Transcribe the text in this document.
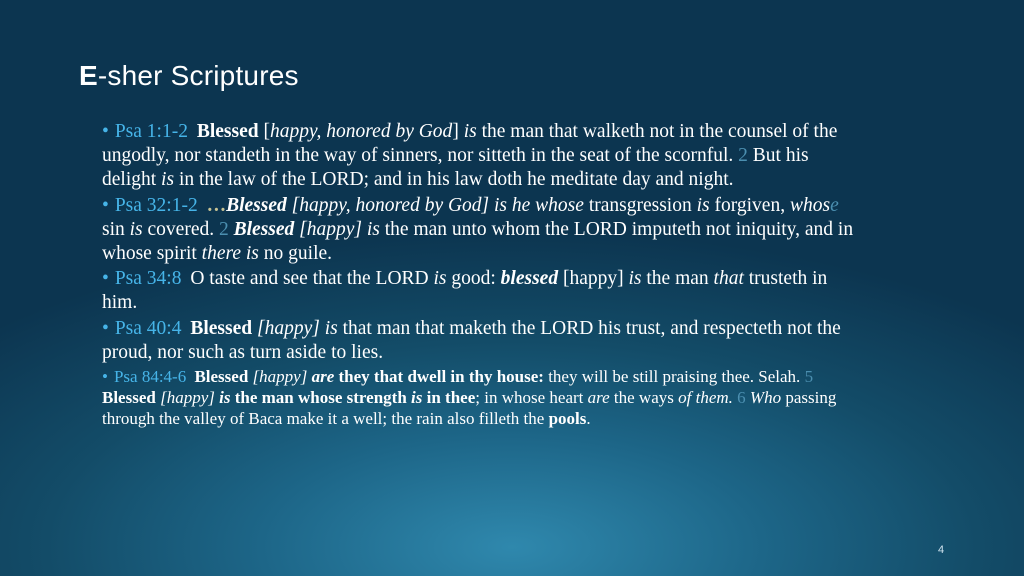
E-sher Scriptures

• Psa 1:1-2 Blessed [happy, honored by God] is the man that walketh not in the counsel of the ungodly, nor standeth in the way of sinners, nor sitteth in the seat of the scornful. 2 But his delight is in the law of the LORD; and in his law doth he meditate day and night.

• Psa 32:1-2 …Blessed [happy, honored by God] is he whose transgression is forgiven, whose sin is covered. 2 Blessed [happy] is the man unto whom the LORD imputeth not iniquity, and in whose spirit there is no guile.

• Psa 34:8 O taste and see that the LORD is good: blessed [happy] is the man that trusteth in him.

• Psa 40:4 Blessed [happy] is that man that maketh the LORD his trust, and respecteth not the proud, nor such as turn aside to lies.

• Psa 84:4-6 Blessed [happy] are they that dwell in thy house: they will be still praising thee. Selah. 5 Blessed [happy] is the man whose strength is in thee; in whose heart are the ways of them. 6 Who passing through the valley of Baca make it a well; the rain also filleth the pools.

4
